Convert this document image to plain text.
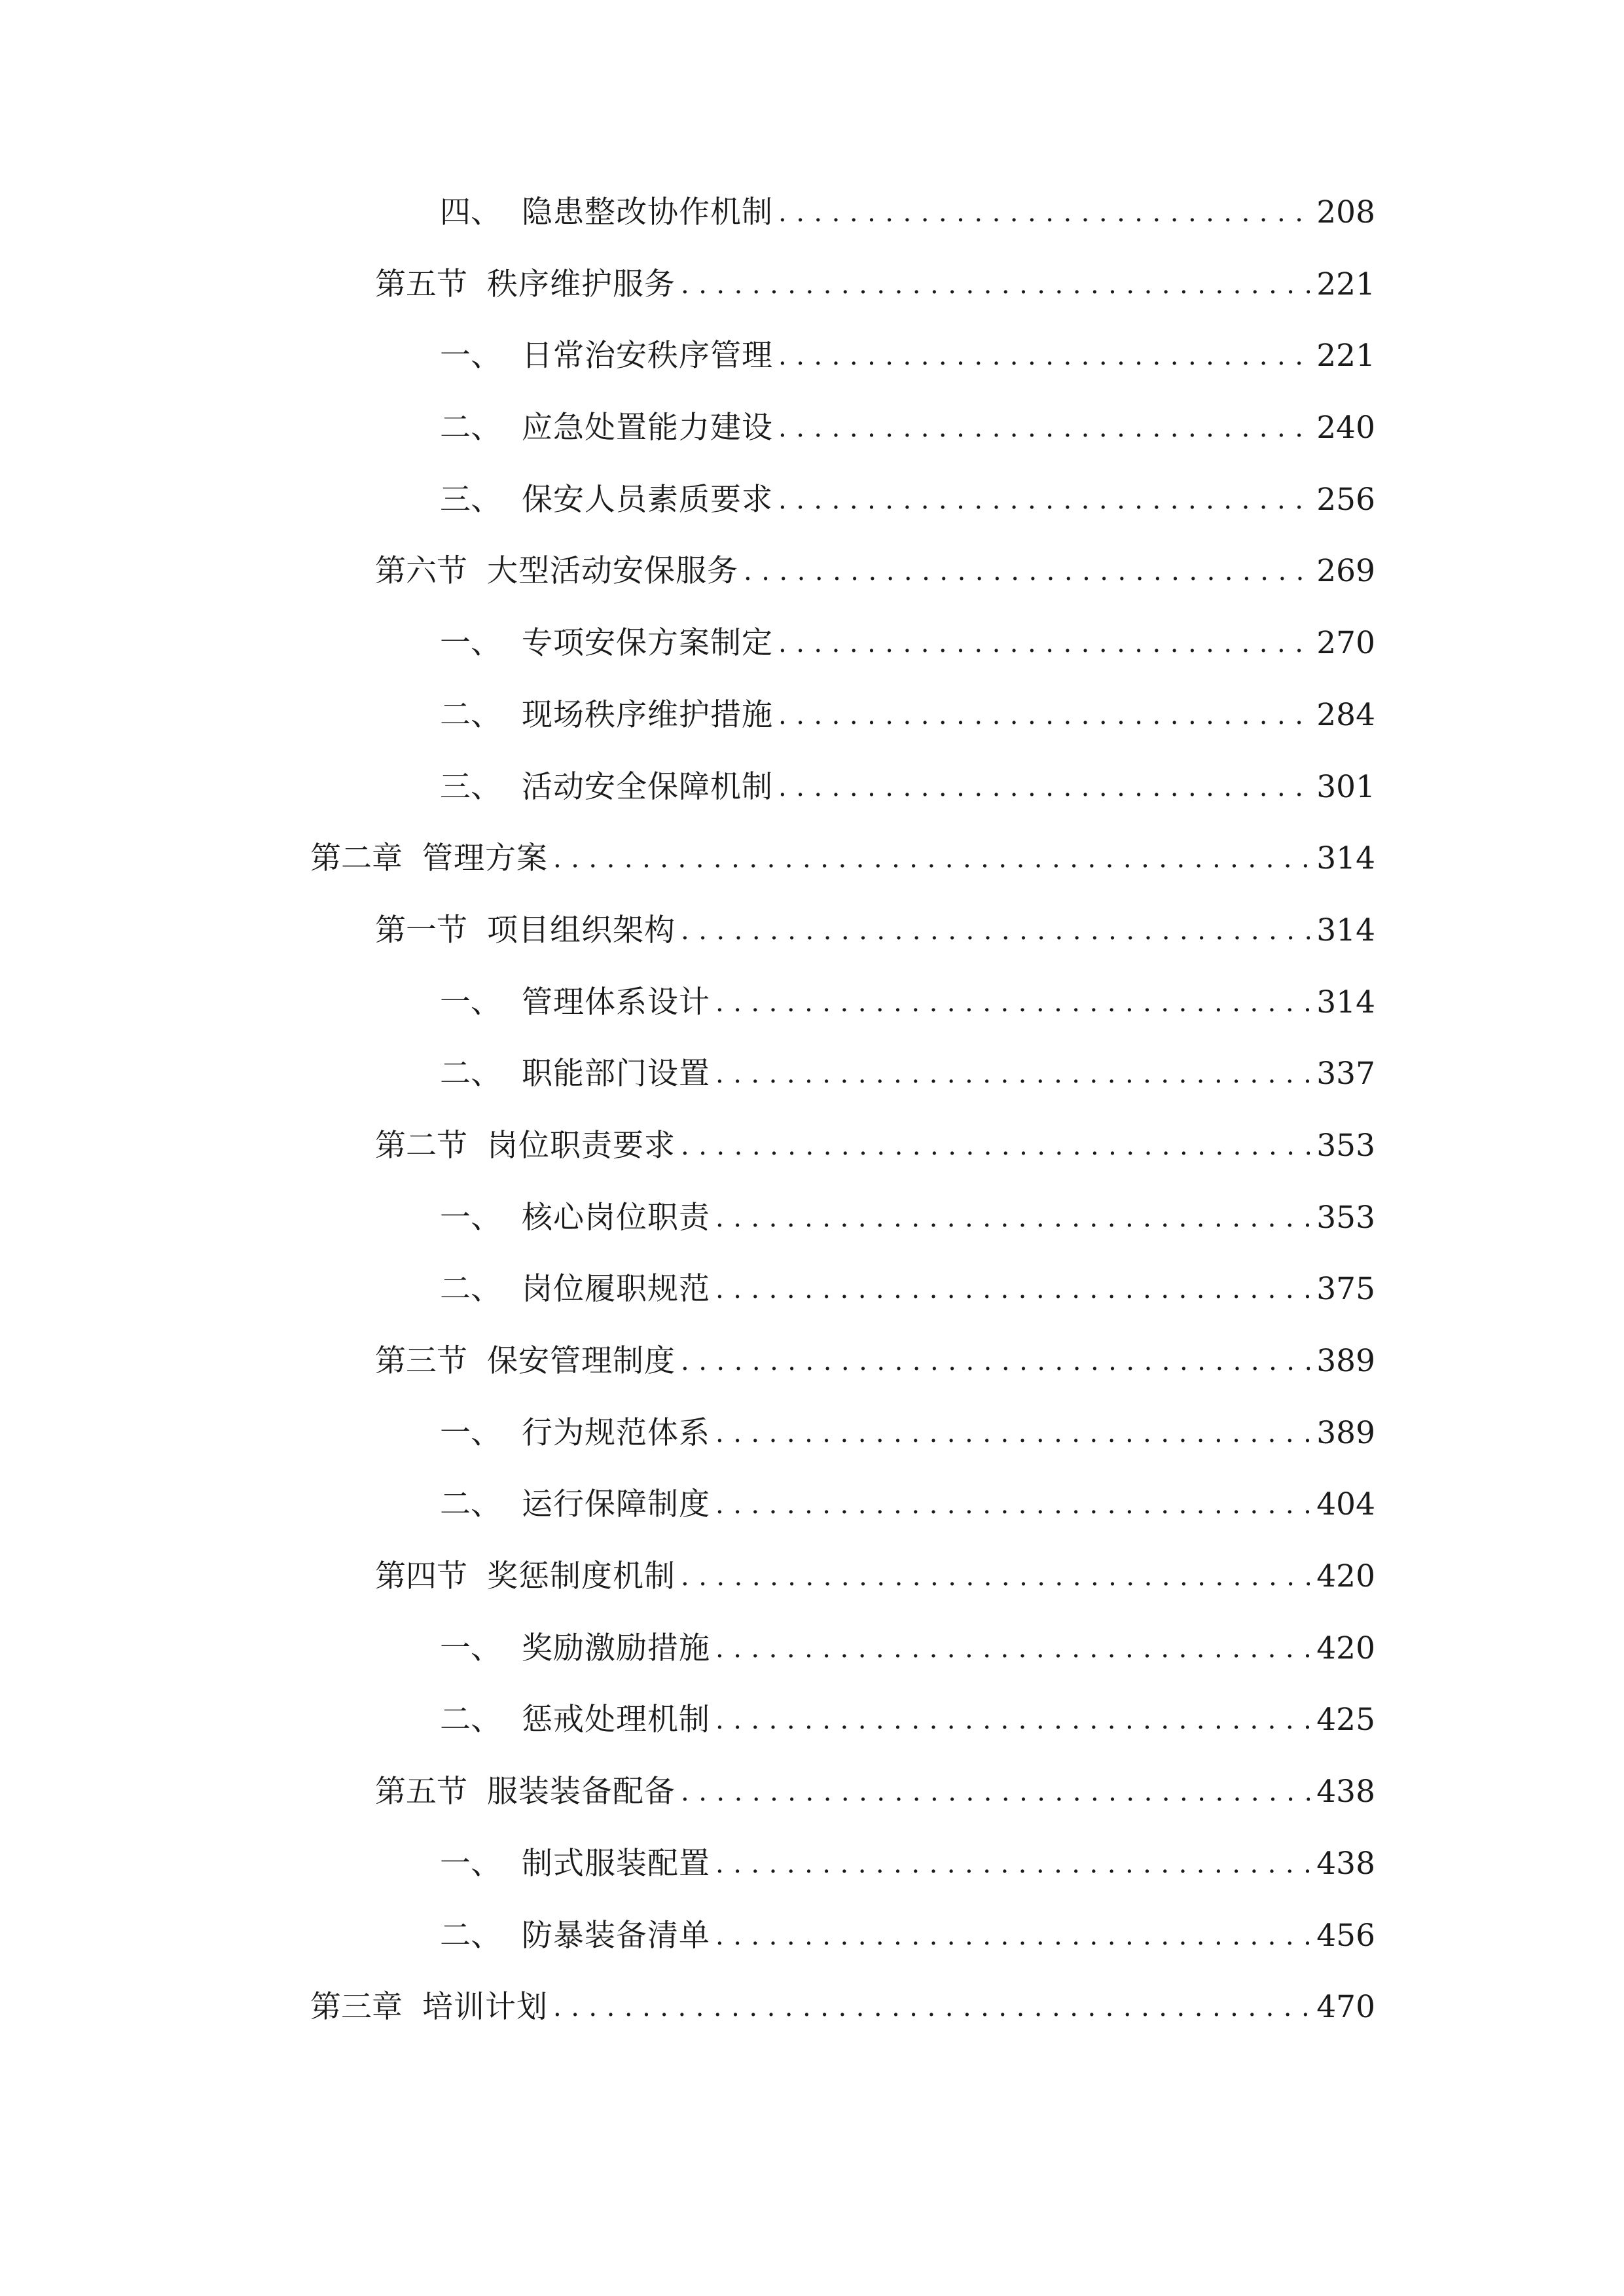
四、 隐患整改协作机制 .....	208
第五节 秩序维护服务 .....	221
一、 日常治安秩序管理 .....	221
二、 应急处置能力建设 .....	240
三、 保安人员素质要求 .....	256
第六节 大型活动安保服务 .....	269
一、 专项安保方案制定 .....	270
二、 现场秩序维护措施 .....	284
三、 活动安全保障机制 .....	301
第二章 管理方案 .....	314
第一节 项目组织架构 .....	314
一、 管理体系设计 .....	314
二、 职能部门设置 .....	337
第二节 岗位职责要求 .....	353
一、 核心岗位职责 .....	353
二、 岗位履职规范 .....	375
第三节 保安管理制度 .....	389
一、 行为规范体系 .....	389
二、 运行保障制度 .....	404
第四节 奖惩制度机制 .....	420
一、 奖励激励措施 .....	420
二、 惩戒处理机制 .....	425
第五节 服装装备配备 .....	438
一、 制式服装配置 .....	438
二、 防暴装备清单 .....	456
第三章 培训计划 .....	470
